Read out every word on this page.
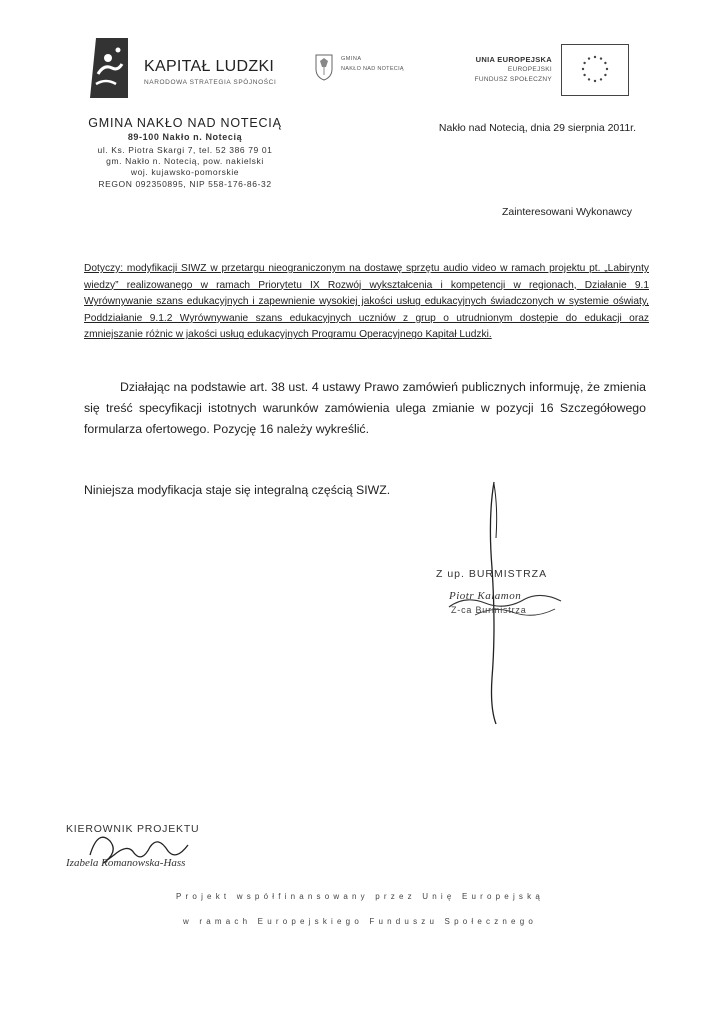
KAPITAŁ LUDZKI
NARODOWA STRATEGIA SPÓJNOŚCI
GMINA
NAKŁO NAD NOTECIĄ
UNIA EUROPEJSKA
EUROPEJSKI
FUNDUSZ SPOŁECZNY
GMINA NAKŁO NAD NOTECIĄ
89-100 Nakło n. Notecią
ul. Ks. Piotra Skargi 7, tel. 52 386 79 01
gm. Nakło n. Notecią, pow. nakielski
woj. kujawsko-pomorskie
REGON 092350895, NIP 558-176-86-32
Nakło nad Notecią, dnia 29 sierpnia 2011r.
Zainteresowani Wykonawcy
Dotyczy: modyfikacji SIWZ w przetargu nieograniczonym na dostawę sprzętu audio video w ramach projektu pt. „Labirynty wiedzy” realizowanego w ramach Priorytetu IX Rozwój wykształcenia i kompetencji w regionach, Działanie 9.1 Wyrównywanie szans edukacyjnych i zapewnienie wysokiej jakości usług edukacyjnych świadczonych w systemie oświaty, Poddziałanie 9.1.2 Wyrównywanie szans edukacyjnych uczniów z grup o utrudnionym dostępie do edukacji oraz zmniejszanie różnic w jakości usług edukacyjnych Programu Operacyjnego Kapitał Ludzki.
Działając na podstawie art. 38 ust. 4 ustawy Prawo zamówień publicznych informuję, że zmienia się treść specyfikacji istotnych warunków zamówienia ulega zmianie w pozycji 16 Szczegółowego formularza ofertowego. Pozycję 16 należy wykreślić.
Niniejsza modyfikacja staje się integralną częścią SIWZ.
Z up. BURMISTRZA
Piotr Kalamon
Z-ca Burmistrza
KIEROWNIK PROJEKTU
Izabela Romanowska-Hass
Projekt współfinansowany przez Unię Europejską
w ramach Europejskiego Funduszu Społecznego
